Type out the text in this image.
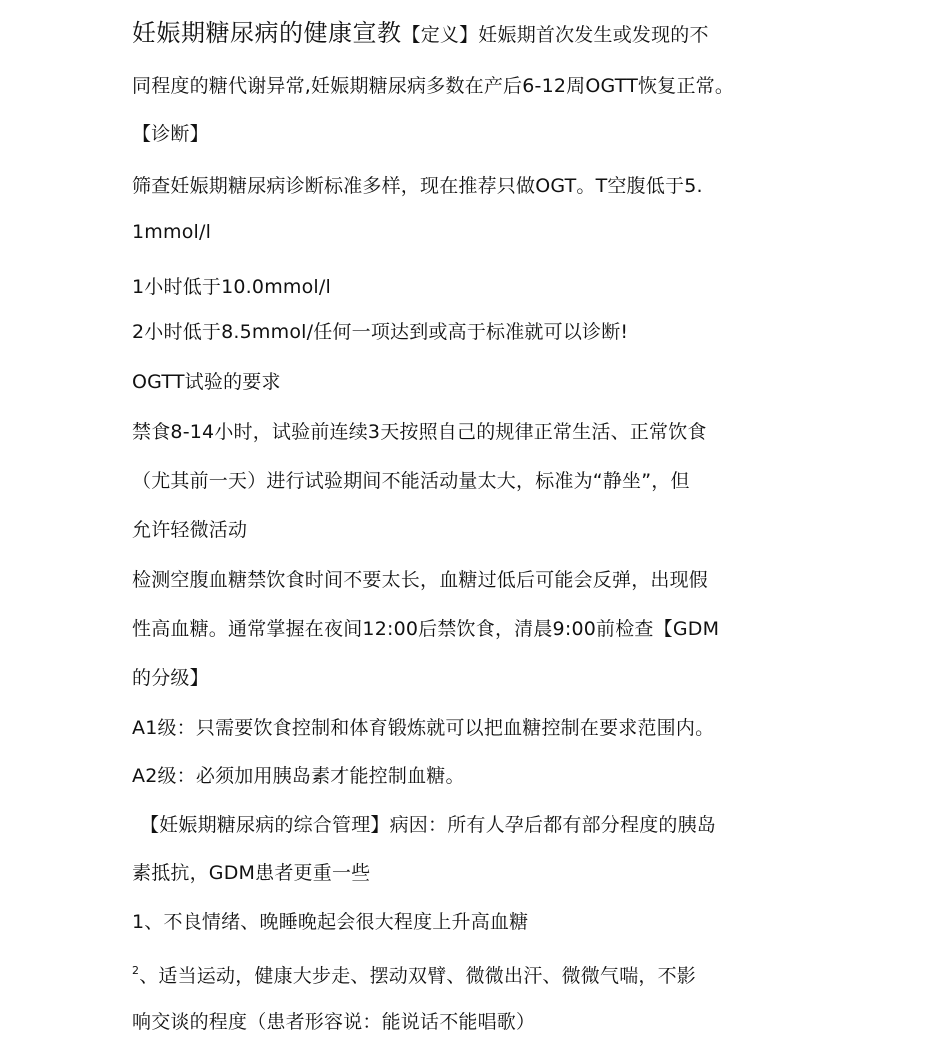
妊娠期糖尿病的健康宣教【定义】妊娠期首次发生或发现的不
同程度的糖代谢异常,妊娠期糖尿病多数在产后6-12周OGTT恢复正常。
【诊断】
筛查妊娠期糖尿病诊断标准多样，现在推荐只做OGT。T空腹低于5.
1mmol/l
1小时低于10.0mmol/l
2小时低于8.5mmol/任何一项达到或高于标准就可以诊断!
OGTT试验的要求
禁食8-14小时，试验前连续3天按照自己的规律正常生活、正常饮食
（尤其前一天）进行试验期间不能活动量太大，标准为“静坐”，但
允许轻微活动
检测空腹血糖禁饮食时间不要太长，血糖过低后可能会反弹，出现假
性高血糖。通常掌握在夜间12:00后禁饮食，清晨9:00前检查【GDM
的分级】
A1级：只需要饮食控制和体育锻炼就可以把血糖控制在要求范围内。
A2级：必须加用胰岛素才能控制血糖。
【妊娠期糖尿病的综合管理】病因：所有人孕后都有部分程度的胰岛
素抵抗，GDM患者更重一些
1、不良情绪、晚睡晚起会很大程度上升高血糖
$^2$、适当运动，健康大步走、摆动双臂、微微出汗、微微气喘，不影
响交谈的程度（患者形容说：能说话不能唱歌）
